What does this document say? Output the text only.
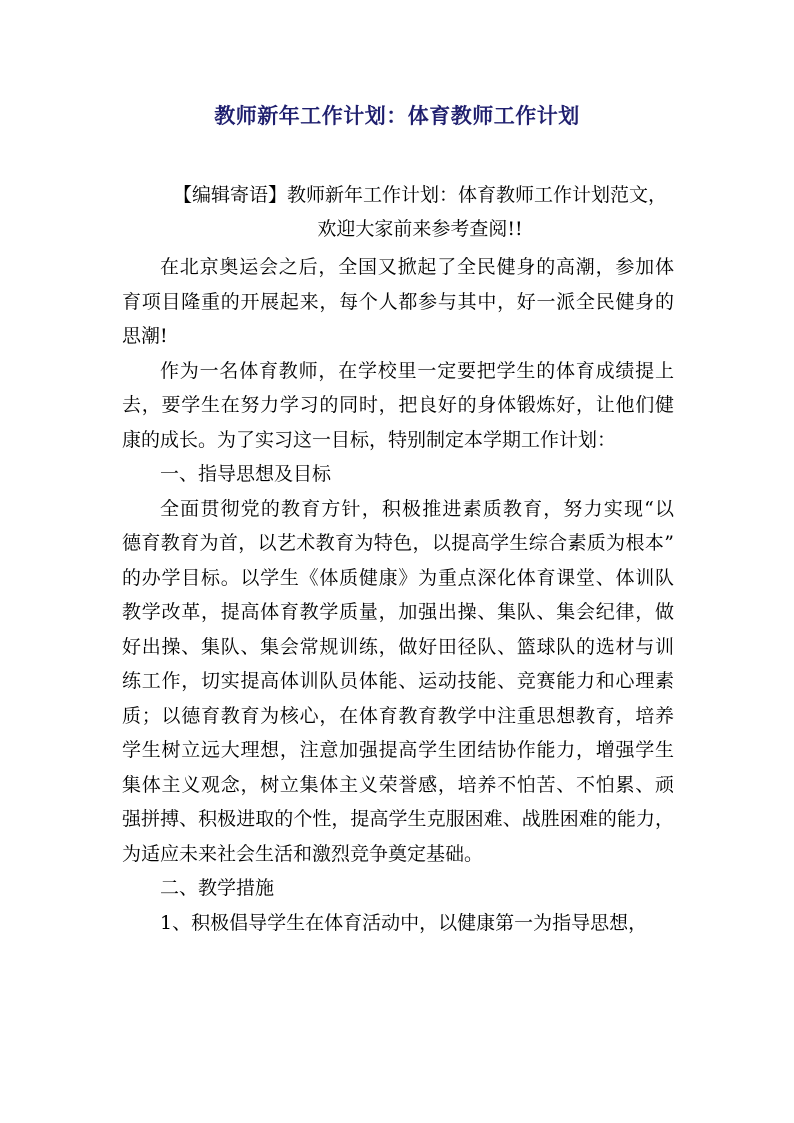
教师新年工作计划：体育教师工作计划

【编辑寄语】教师新年工作计划：体育教师工作计划范文，
欢迎大家前来参考查阅!!

在北京奥运会之后，全国又掀起了全民健身的高潮，参加体
育项目隆重的开展起来，每个人都参与其中，好一派全民健身的
思潮!
作为一名体育教师，在学校里一定要把学生的体育成绩提上
去，要学生在努力学习的同时，把良好的身体锻炼好，让他们健
康的成长。为了实习这一目标，特别制定本学期工作计划：
一、指导思想及目标
全面贯彻党的教育方针，积极推进素质教育，努力实现“以
德育教育为首，以艺术教育为特色，以提高学生综合素质为根本”
的办学目标。以学生《体质健康》为重点深化体育课堂、体训队
教学改革，提高体育教学质量，加强出操、集队、集会纪律，做
好出操、集队、集会常规训练，做好田径队、篮球队的选材与训
练工作，切实提高体训队员体能、运动技能、竞赛能力和心理素
质；以德育教育为核心，在体育教育教学中注重思想教育，培养
学生树立远大理想，注意加强提高学生团结协作能力，增强学生
集体主义观念，树立集体主义荣誉感，培养不怕苦、不怕累、顽
强拼搏、积极进取的个性，提高学生克服困难、战胜困难的能力，
为适应未来社会生活和激烈竞争奠定基础。
二、教学措施
1、积极倡导学生在体育活动中，以健康第一为指导思想，
